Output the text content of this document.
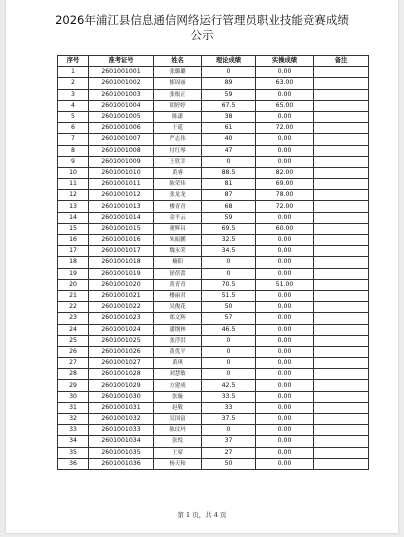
2026年浦江县信息通信网络运行管理员职业技能竞赛成绩
公示
序号	准考证号	姓名	理论成绩	实操成绩	备注
1	2601001001	张璐璐	0	0.00	
2	2601001002	郁周丽	89	63.00	
3	2601001003	张根正	59	0.00	
4	2601001004	胡婷婷	67.5	65.00	
5	2601001005	陈潇	38	0.00	
6	2601001006	于遥	61	72.00	
7	2601001007	严志伟	40	0.00	
8	2601001008	付红琴	47	0.00	
9	2601001009	王欣幸	0	0.00	
10	2601001010	黄睿	88.5	82.00	
11	2601001011	陈荣伟	81	69.00	
12	2601001012	张龙龙	87	78.00	
13	2601001013	楼青青	68	72.00	
14	2601001014	金平云	59	0.00	
15	2601001015	董辉昌	69.5	60.00	
16	2601001016	朱振鹏	32.5	0.00	
17	2601001017	魏永荣	34.5	0.00	
18	2601001018	楠阳	0	0.00	
19	2601001019	徐蓓蕾	0	0.00	
20	2601001020	黄青青	70.5	51.00	
21	2601001021	楼丽君	51.5	0.00	
22	2601001022	吴俊花	50	0.00	
23	2601001023	郑文辉	57	0.00	
24	2601001024	潘纲林	46.5	0.00	
25	2601001025	张浮洪	0	0.00	
26	2601001026	黄优平	0	0.00	
27	2601001027	黄琪	0	0.00	
28	2601001028	刘慧敏	0	0.00	
29	2601001029	方建成	42.5	0.00	
30	2601001030	张璇	33.5	0.00	
31	2601001031	赵敬	33	0.00	
32	2601001032	吴国富	37.5	0.00	
33	2601001033	陈玟玛	0	0.00	
34	2601001034	张悦	37	0.00	
35	2601001035	王席	27	0.00	
36	2601001036	杨天和	50	0.00	
第 1 页，共 4 页
